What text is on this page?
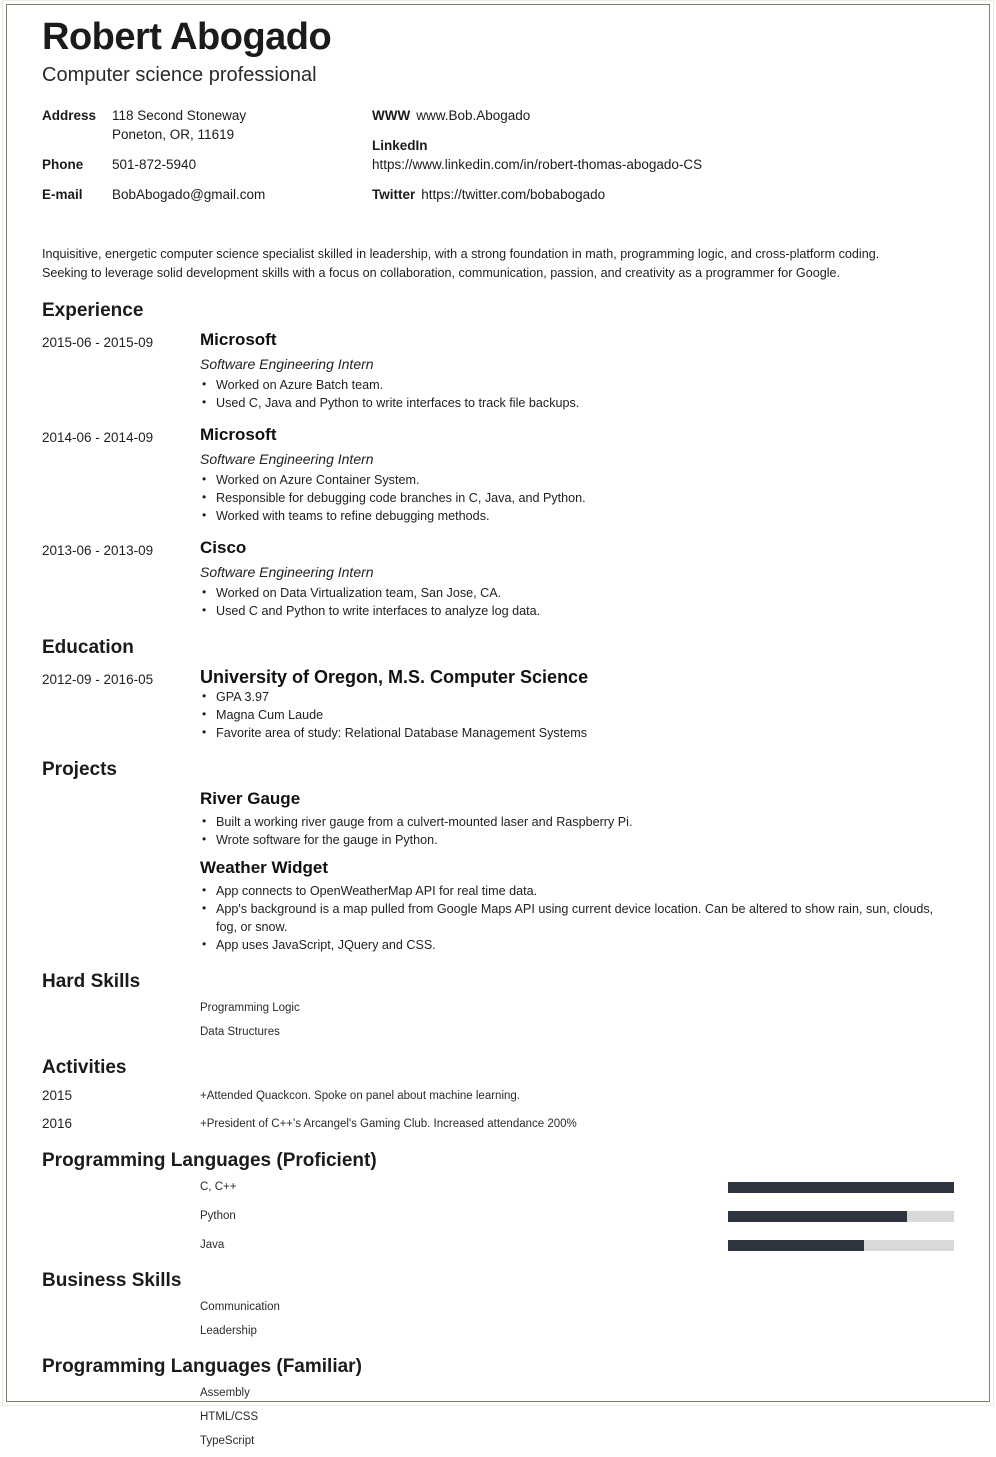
Robert Abogado
Computer science professional
Address	118 Second Stoneway
Poneton, OR, 11619
Phone	501-872-5940
E-mail	BobAbogado@gmail.com
WWW www.Bob.Abogado
LinkedIn
https://www.linkedin.com/in/robert-thomas-abogado-CS
Twitter https://twitter.com/bobabogado
Inquisitive, energetic computer science specialist skilled in leadership, with a strong foundation in math, programming logic, and cross-platform coding. Seeking to leverage solid development skills with a focus on collaboration, communication, passion, and creativity as a programmer for Google.
Experience
2015-06 - 2015-09	Microsoft
Software Engineering Intern
• Worked on Azure Batch team.
• Used C, Java and Python to write interfaces to track file backups.
2014-06 - 2014-09	Microsoft
Software Engineering Intern
• Worked on Azure Container System.
• Responsible for debugging code branches in C, Java, and Python.
• Worked with teams to refine debugging methods.
2013-06 - 2013-09	Cisco
Software Engineering Intern
• Worked on Data Virtualization team, San Jose, CA.
• Used C and Python to write interfaces to analyze log data.
Education
2012-09 - 2016-05	University of Oregon, M.S. Computer Science
• GPA 3.97
• Magna Cum Laude
• Favorite area of study: Relational Database Management Systems
Projects
River Gauge
• Built a working river gauge from a culvert-mounted laser and Raspberry Pi.
• Wrote software for the gauge in Python.
Weather Widget
• App connects to OpenWeatherMap API for real time data.
• App's background is a map pulled from Google Maps API using current device location. Can be altered to show rain, sun, clouds, fog, or snow.
• App uses JavaScript, JQuery and CSS.
Hard Skills
Programming Logic
Data Structures
Activities
2015	+Attended Quackcon. Spoke on panel about machine learning.
2016	+President of C++'s Arcangel's Gaming Club. Increased attendance 200%
Programming Languages (Proficient)
C, C++
Python
Java
Business Skills
Communication
Leadership
Programming Languages (Familiar)
Assembly
HTML/CSS
TypeScript
